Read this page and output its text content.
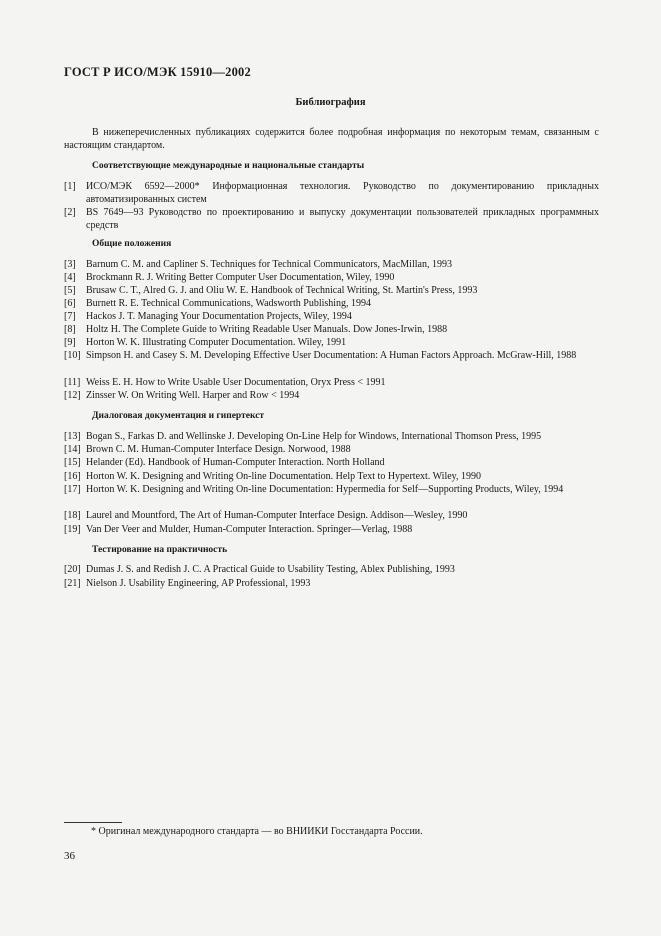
ГОСТ Р ИСО/МЭК 15910—2002
Библиография
В нижеперечисленных публикациях содержится более подробная информация по некоторым темам, связанным с настоящим стандартом.
Соответствующие международные и национальные стандарты
[1] ИСО/МЭК 6592—2000* Информационная технология. Руководство по документированию прикладных автоматизированных систем
[2] BS 7649—93 Руководство по проектированию и выпуску документации пользователей прикладных программных средств
Общие положения
[3] Barnum C. M. and Capliner S. Techniques for Technical Communicators, MacMillan, 1993
[4] Brockmann R. J. Writing Better Computer User Documentation, Wiley, 1990
[5] Brusaw C. T., Alred G. J. and Oliu W. E. Handbook of Technical Writing, St. Martin's Press, 1993
[6] Burnett R. E. Technical Communications, Wadsworth Publishing, 1994
[7] Hackos J. T. Managing Your Documentation Projects, Wiley, 1994
[8] Holtz H. The Complete Guide to Writing Readable User Manuals. Dow Jones-Irwin, 1988
[9] Horton W. K. Illustrating Computer Documentation. Wiley, 1991
[10] Simpson H. and Casey S. M. Developing Effective User Documentation: A Human Factors Approach. McGraw-Hill, 1988
[11] Weiss E. H. How to Write Usable User Documentation, Oryx Press < 1991
[12] Zinsser W. On Writing Well. Harper and Row < 1994
Диалоговая документация и гипертекст
[13] Bogan S., Farkas D. and Wellinske J. Developing On-Line Help for Windows, International Thomson Press, 1995
[14] Brown C. M. Human-Computer Interface Design. Norwood, 1988
[15] Helander (Ed). Handbook of Human-Computer Interaction. North Holland
[16] Horton W. K. Designing and Writing On-line Documentation. Help Text to Hypertext. Wiley, 1990
[17] Horton W. K. Designing and Writing On-line Documentation: Hypermedia for Self—Supporting Products, Wiley, 1994
[18] Laurel and Mountford, The Art of Human-Computer Interface Design. Addison—Wesley, 1990
[19] Van Der Veer and Mulder, Human-Computer Interaction. Springer—Verlag, 1988
Тестирование на практичность
[20] Dumas J. S. and Redish J. C. A Practical Guide to Usability Testing, Ablex Publishing, 1993
[21] Nielson J. Usability Engineering, AP Professional, 1993
* Оригинал международного стандарта — во ВНИИКИ Госстандарта России.
36
